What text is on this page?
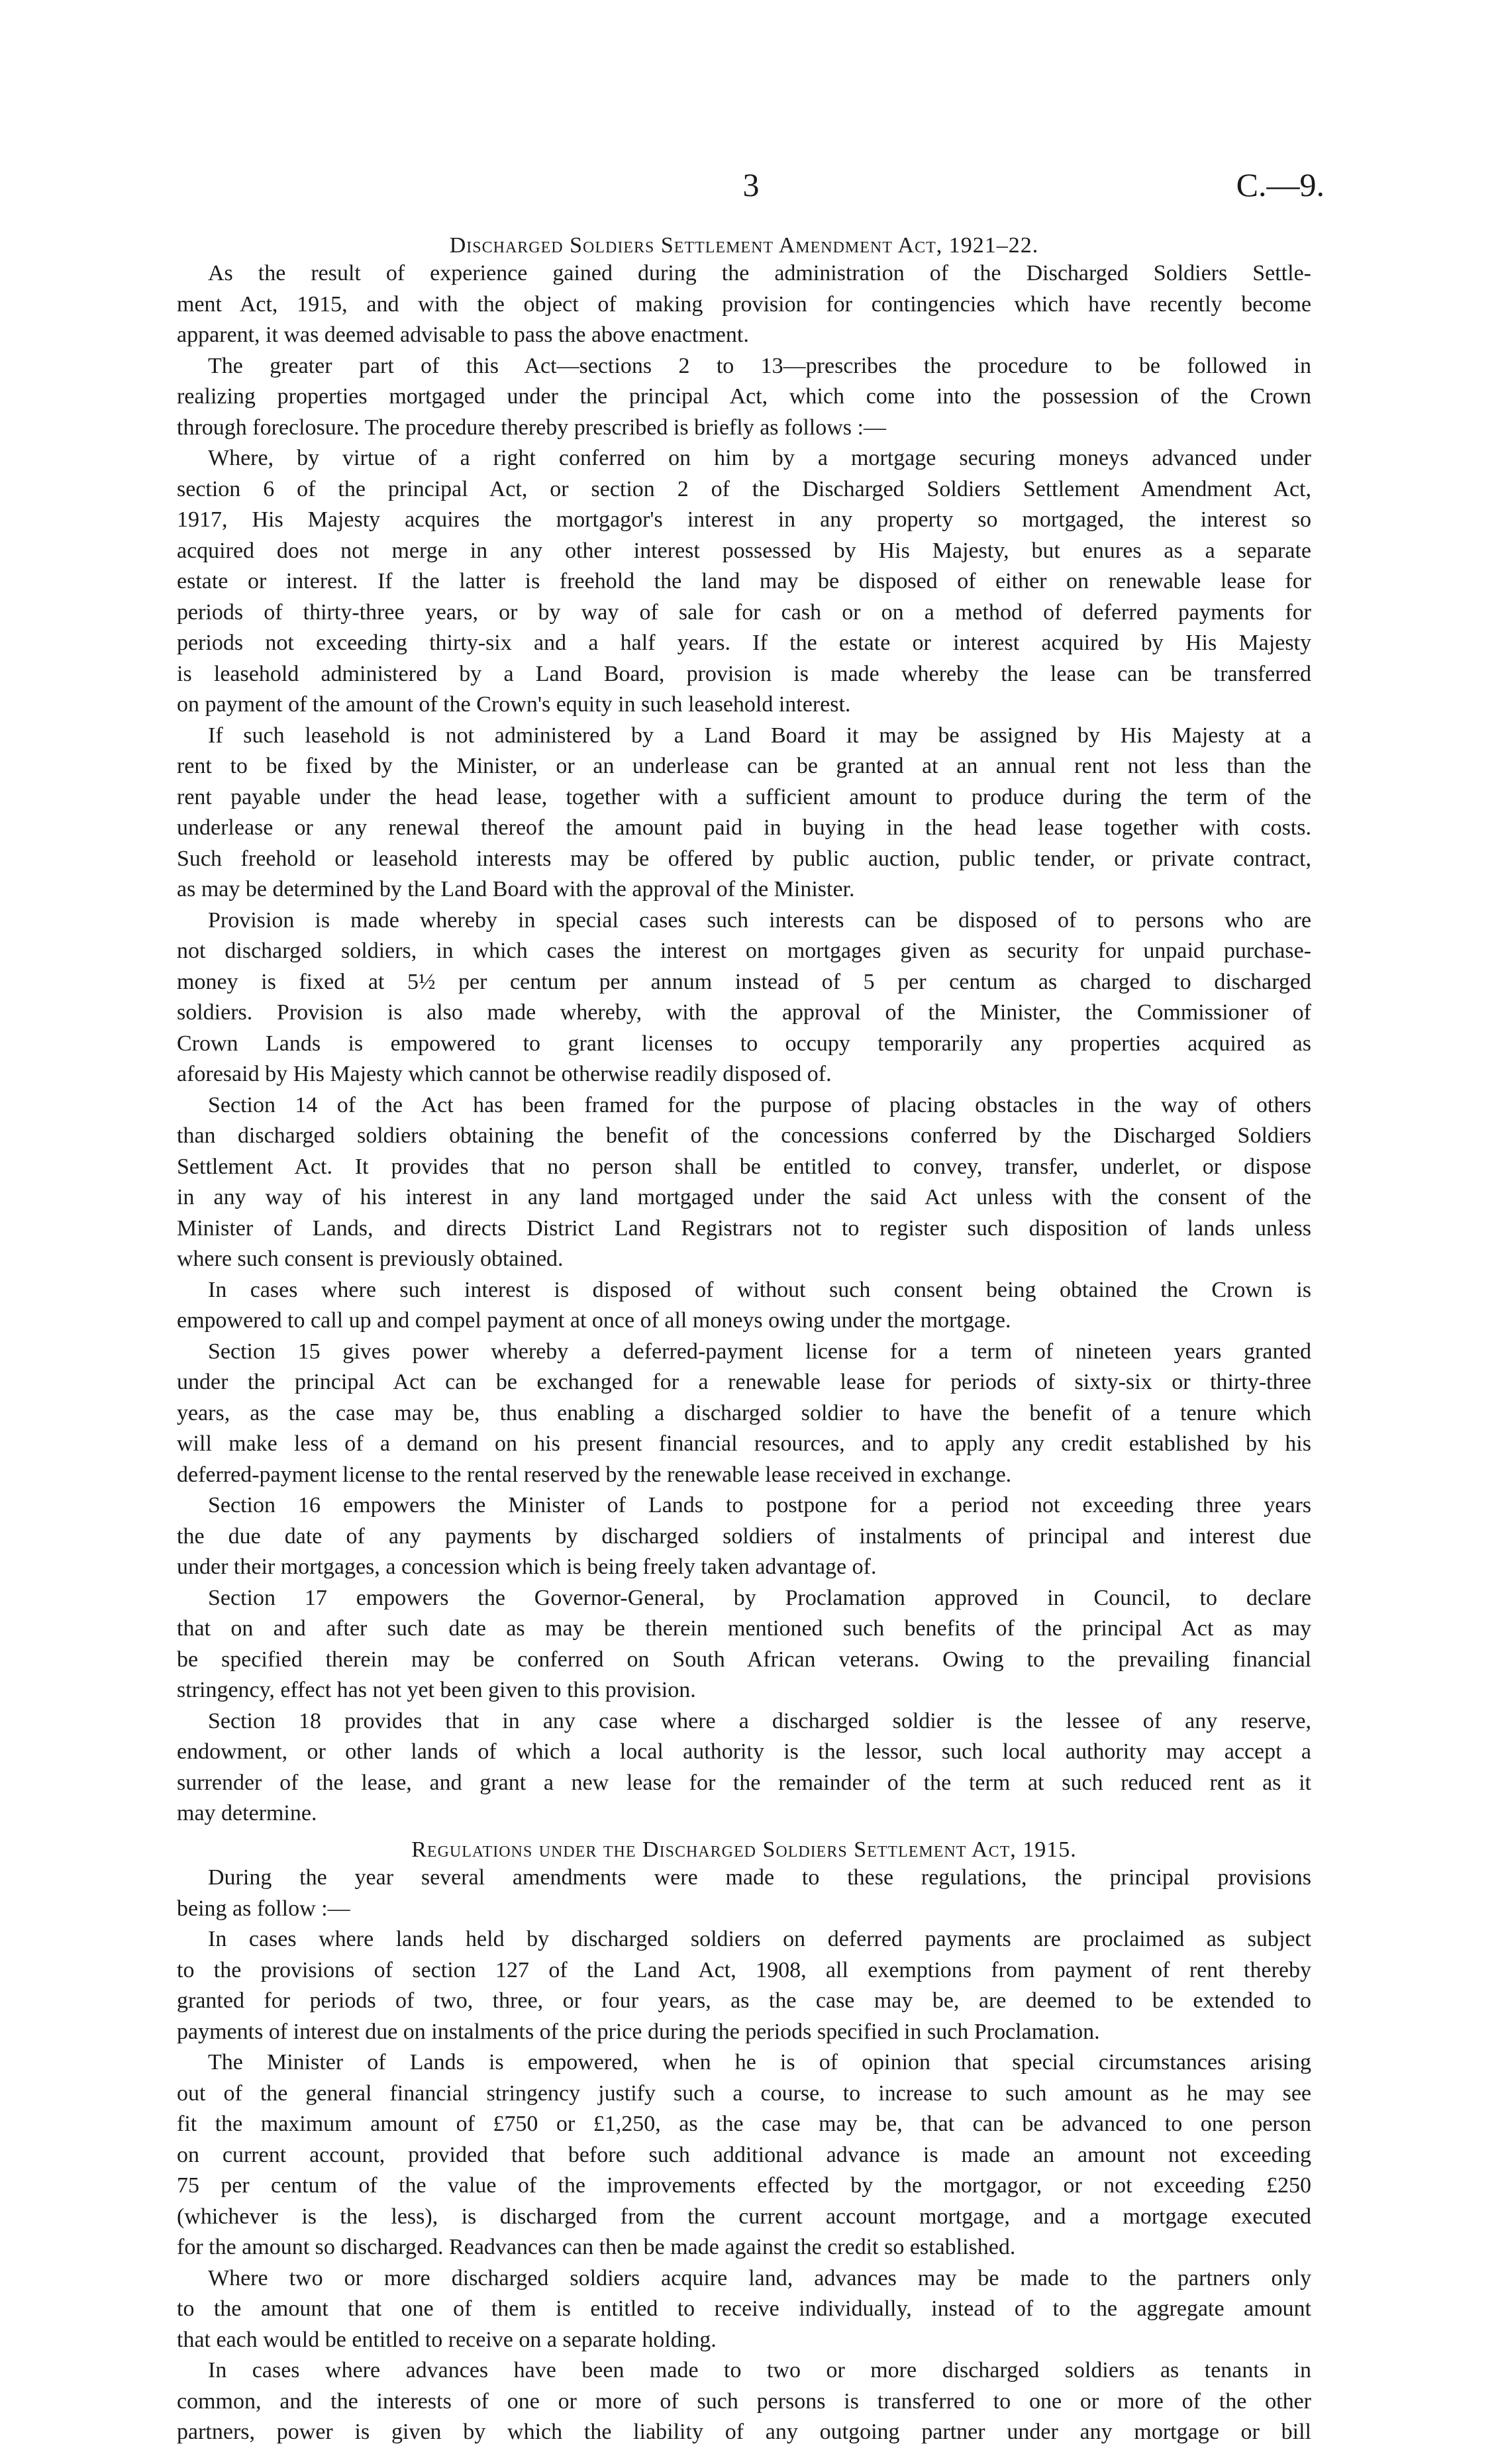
3	C.—9.
Discharged Soldiers Settlement Amendment Act, 1921–22.
As the result of experience gained during the administration of the Discharged Soldiers Settle-
ment Act, 1915, and with the object of making provision for contingencies which have recently become
apparent, it was deemed advisable to pass the above enactment.
The greater part of this Act—sections 2 to 13—prescribes the procedure to be followed in
realizing properties mortgaged under the principal Act, which come into the possession of the Crown
through foreclosure. The procedure thereby prescribed is briefly as follows :—
Where, by virtue of a right conferred on him by a mortgage securing moneys advanced under
section 6 of the principal Act, or section 2 of the Discharged Soldiers Settlement Amendment Act,
1917, His Majesty acquires the mortgagor's interest in any property so mortgaged, the interest so
acquired does not merge in any other interest possessed by His Majesty, but enures as a separate
estate or interest. If the latter is freehold the land may be disposed of either on renewable lease for
periods of thirty-three years, or by way of sale for cash or on a method of deferred payments for
periods not exceeding thirty-six and a half years. If the estate or interest acquired by His Majesty
is leasehold administered by a Land Board, provision is made whereby the lease can be transferred
on payment of the amount of the Crown's equity in such leasehold interest.
If such leasehold is not administered by a Land Board it may be assigned by His Majesty at a
rent to be fixed by the Minister, or an underlease can be granted at an annual rent not less than the
rent payable under the head lease, together with a sufficient amount to produce during the term of the
underlease or any renewal thereof the amount paid in buying in the head lease together with costs.
Such freehold or leasehold interests may be offered by public auction, public tender, or private contract,
as may be determined by the Land Board with the approval of the Minister.
Provision is made whereby in special cases such interests can be disposed of to persons who are
not discharged soldiers, in which cases the interest on mortgages given as security for unpaid purchase-
money is fixed at 5½ per centum per annum instead of 5 per centum as charged to discharged
soldiers. Provision is also made whereby, with the approval of the Minister, the Commissioner of
Crown Lands is empowered to grant licenses to occupy temporarily any properties acquired as
aforesaid by His Majesty which cannot be otherwise readily disposed of.
Section 14 of the Act has been framed for the purpose of placing obstacles in the way of others
than discharged soldiers obtaining the benefit of the concessions conferred by the Discharged Soldiers
Settlement Act. It provides that no person shall be entitled to convey, transfer, underlet, or dispose
in any way of his interest in any land mortgaged under the said Act unless with the consent of the
Minister of Lands, and directs District Land Registrars not to register such disposition of lands unless
where such consent is previously obtained.
In cases where such interest is disposed of without such consent being obtained the Crown is
empowered to call up and compel payment at once of all moneys owing under the mortgage.
Section 15 gives power whereby a deferred-payment license for a term of nineteen years granted
under the principal Act can be exchanged for a renewable lease for periods of sixty-six or thirty-three
years, as the case may be, thus enabling a discharged soldier to have the benefit of a tenure which
will make less of a demand on his present financial resources, and to apply any credit established by his
deferred-payment license to the rental reserved by the renewable lease received in exchange.
Section 16 empowers the Minister of Lands to postpone for a period not exceeding three years
the due date of any payments by discharged soldiers of instalments of principal and interest due
under their mortgages, a concession which is being freely taken advantage of.
Section 17 empowers the Governor-General, by Proclamation approved in Council, to declare
that on and after such date as may be therein mentioned such benefits of the principal Act as may
be specified therein may be conferred on South African veterans. Owing to the prevailing financial
stringency, effect has not yet been given to this provision.
Section 18 provides that in any case where a discharged soldier is the lessee of any reserve,
endowment, or other lands of which a local authority is the lessor, such local authority may accept a
surrender of the lease, and grant a new lease for the remainder of the term at such reduced rent as it
may determine.
Regulations under the Discharged Soldiers Settlement Act, 1915.
During the year several amendments were made to these regulations, the principal provisions
being as follow :—
In cases where lands held by discharged soldiers on deferred payments are proclaimed as subject
to the provisions of section 127 of the Land Act, 1908, all exemptions from payment of rent thereby
granted for periods of two, three, or four years, as the case may be, are deemed to be extended to
payments of interest due on instalments of the price during the periods specified in such Proclamation.
The Minister of Lands is empowered, when he is of opinion that special circumstances arising
out of the general financial stringency justify such a course, to increase to such amount as he may see
fit the maximum amount of £750 or £1,250, as the case may be, that can be advanced to one person
on current account, provided that before such additional advance is made an amount not exceeding
75 per centum of the value of the improvements effected by the mortgagor, or not exceeding £250
(whichever is the less), is discharged from the current account mortgage, and a mortgage executed
for the amount so discharged. Readvances can then be made against the credit so established.
Where two or more discharged soldiers acquire land, advances may be made to the partners only
to the amount that one of them is entitled to receive individually, instead of to the aggregate amount
that each would be entitled to receive on a separate holding.
In cases where advances have been made to two or more discharged soldiers as tenants in
common, and the interests of one or more of such persons is transferred to one or more of the other
partners, power is given by which the liability of any outgoing partner under any mortgage or bill
